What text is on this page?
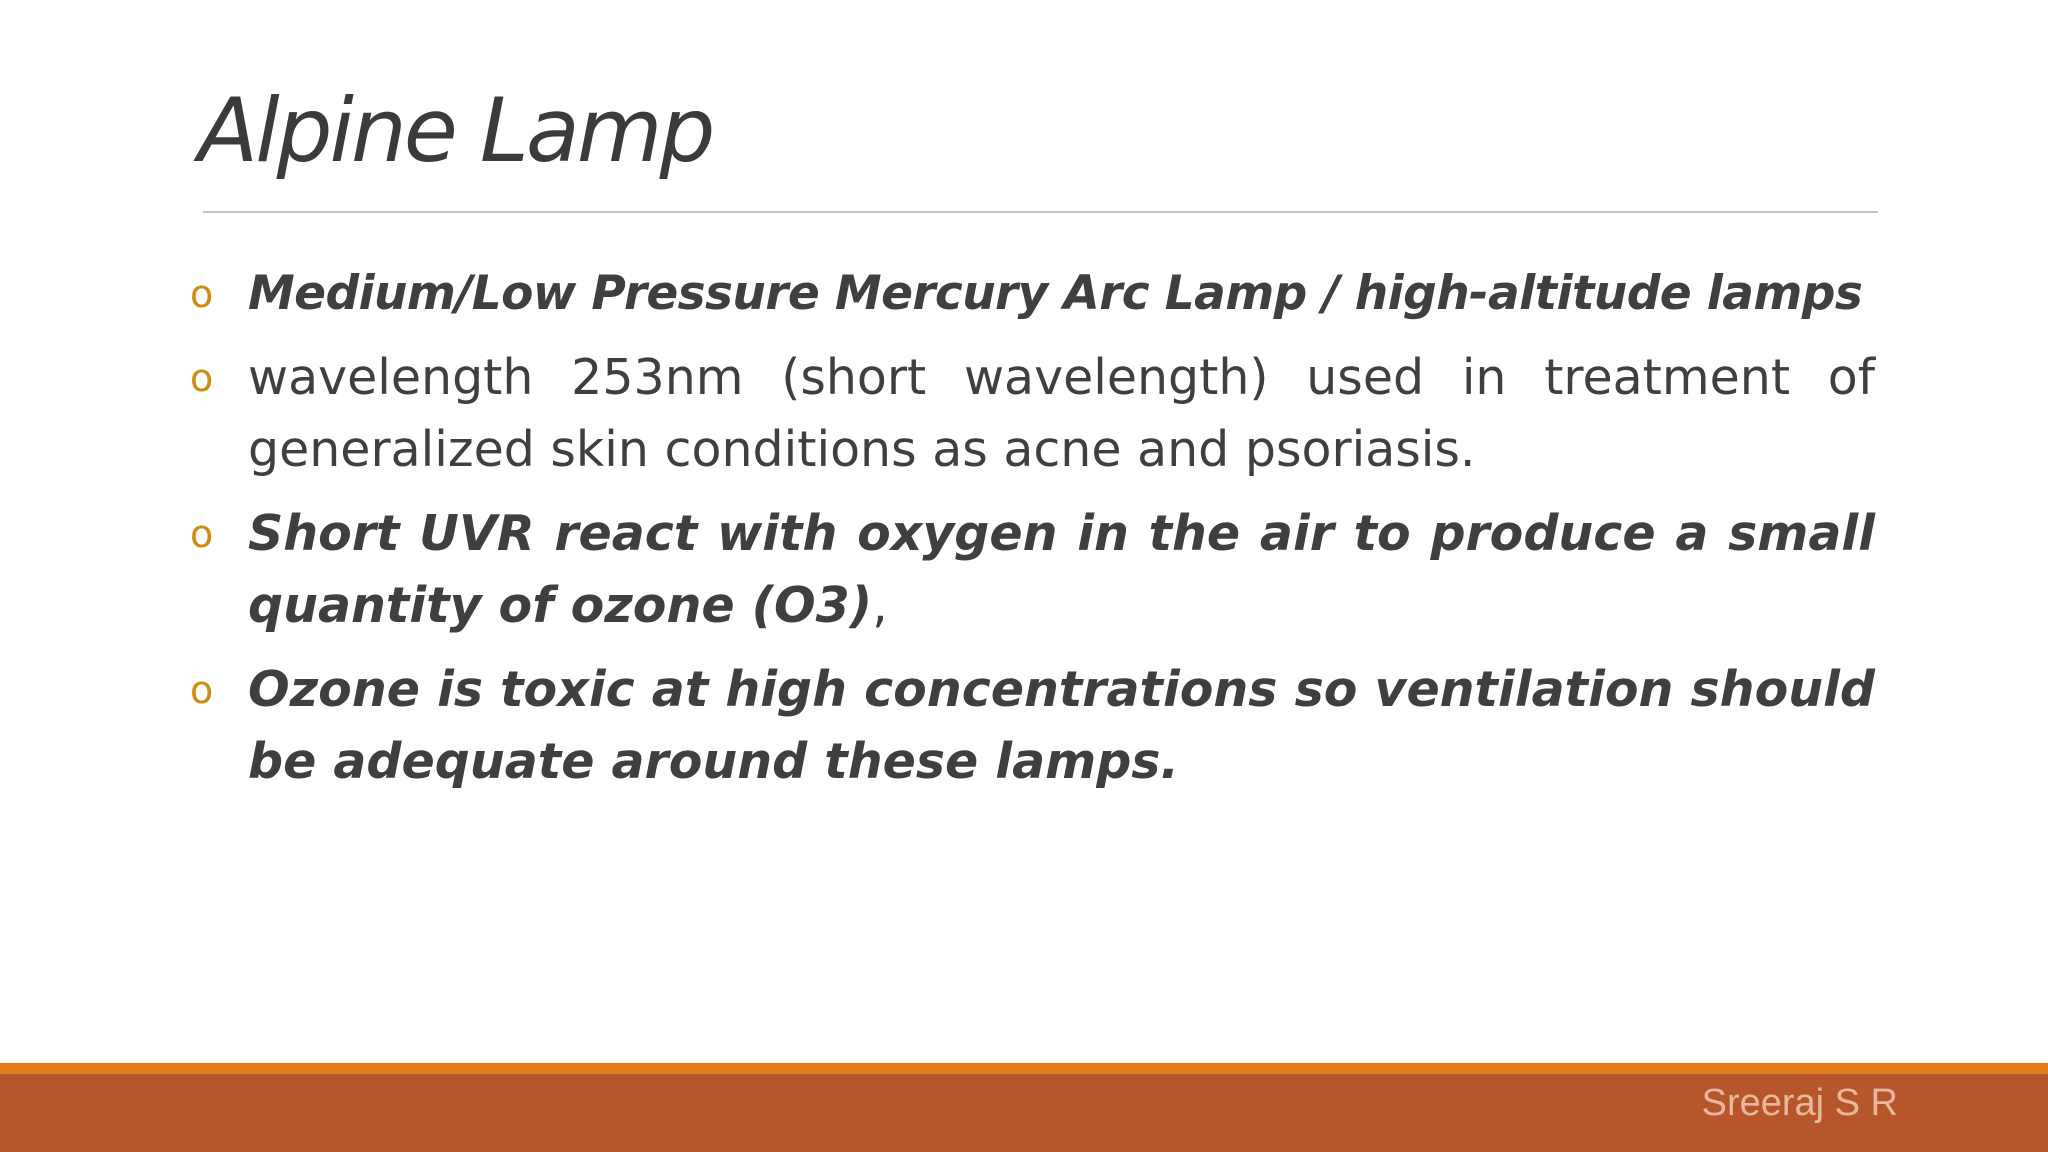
Alpine Lamp
o Medium/Low Pressure Mercury Arc Lamp / high-altitude lamps
o wavelength 253nm (short wavelength) used in treatment of generalized skin conditions as acne and psoriasis.
o Short UVR react with oxygen in the air to produce a small quantity of ozone (O3),
o Ozone is toxic at high concentrations so ventilation should be adequate around these lamps.
Sreeraj S R
